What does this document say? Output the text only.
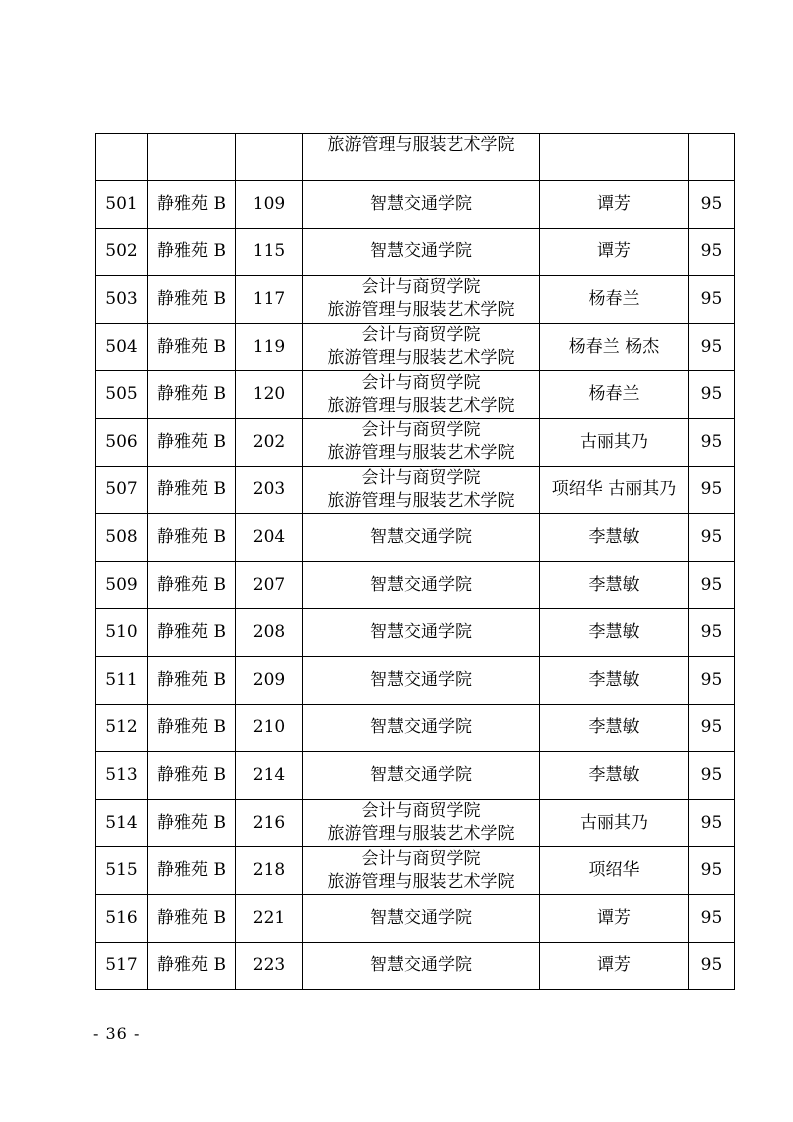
			旅游管理与服装艺术学院		

501	静雅苑 B	109	智慧交通学院	谭芳	95
502	静雅苑 B	115	智慧交通学院	谭芳	95
503	静雅苑 B	117	会计与商贸学院
旅游管理与服装艺术学院	杨春兰	95
504	静雅苑 B	119	会计与商贸学院
旅游管理与服装艺术学院	杨春兰 杨杰	95
505	静雅苑 B	120	会计与商贸学院
旅游管理与服装艺术学院	杨春兰	95
506	静雅苑 B	202	会计与商贸学院
旅游管理与服装艺术学院	古丽其乃	95
507	静雅苑 B	203	会计与商贸学院
旅游管理与服装艺术学院	项绍华 古丽其乃	95
508	静雅苑 B	204	智慧交通学院	李慧敏	95
509	静雅苑 B	207	智慧交通学院	李慧敏	95
510	静雅苑 B	208	智慧交通学院	李慧敏	95
511	静雅苑 B	209	智慧交通学院	李慧敏	95
512	静雅苑 B	210	智慧交通学院	李慧敏	95
513	静雅苑 B	214	智慧交通学院	李慧敏	95
514	静雅苑 B	216	会计与商贸学院
旅游管理与服装艺术学院	古丽其乃	95
515	静雅苑 B	218	会计与商贸学院
旅游管理与服装艺术学院	项绍华	95
516	静雅苑 B	221	智慧交通学院	谭芳	95
517	静雅苑 B	223	智慧交通学院	谭芳	95
- 36 -
